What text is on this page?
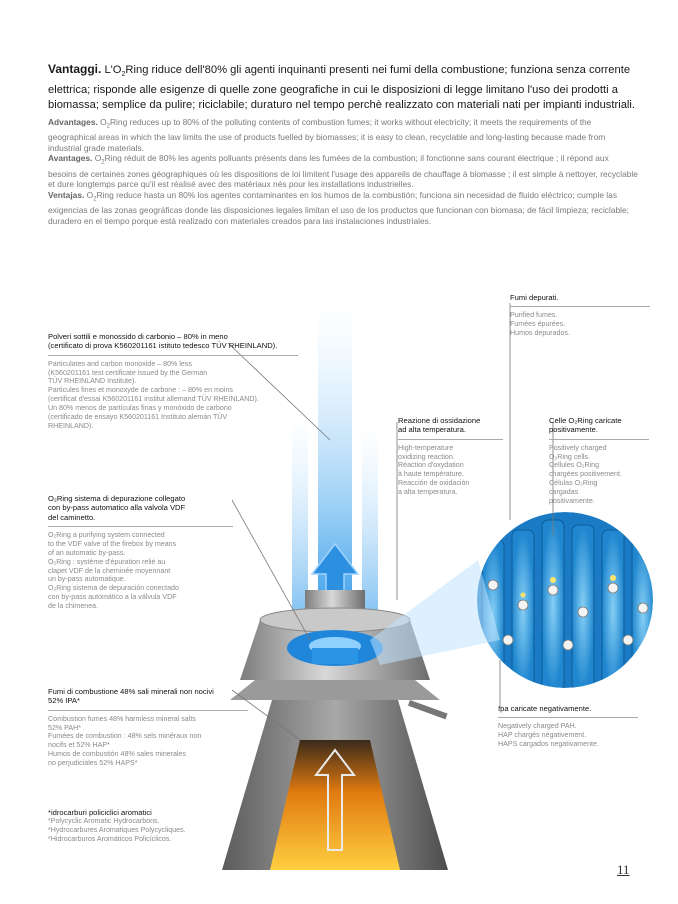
Vantaggi. $L'O_2Ring$ riduce dell'80% gli agenti inquinanti presenti nei fumi della combustione; funziona senza corrente elettrica; risponde alle esigenze di quelle zone geografiche in cui le disposizioni di legge limitano l'uso dei prodotti a biomassa; semplice da pulire; riciclabile; duraturo nel tempo perchè realizzato con materiali nati per impianti industriali.

Advantages. $O_2Ring$ reduces up to 80% of the polluting contents of combustion fumes; it works without electricity; it meets the requirements of the geographical areas in which the law limits the use of products fuelled by biomasses; it is easy to clean, recyclable and long-lasting because made from industrial grade materials.

Avantages. $O_2Ring$ réduit de 80% les agents polluants présents dans les fumées de la combustion; il fonctionne sans courant électrique ; il répond aux besoins de certaines zones géographiques où les dispositions de loi limitent l'usage des appareils de chauffage à biomasse ; il est simple à nettoyer, recyclable et dure longtemps parce qu'il est réalisé avec des matériaux nés pour les installations industrielles.

Ventajas. $O_2Ring$ reduce hasta un 80% los agentes contaminantes en los humos de la combustión; funciona sin necesidad de fluido eléctrico; cumple las exigencias de las zonas geográficas donde las disposiciones legales limitan el uso de los productos que funcionan con biomasa; de fácil limpieza; reciclable; duradero en el tiempo porque está realizado con materiales creados para las instalaciones industriales.

Fumi depurati.

Purified fumes.

Fumées épurées.

Humos depurados.

Polveri sottili e monossido di carbonio – 80% in meno

(certificato di prova K560201161 istituto tedesco TÜV RHEINLAND).

Particulates and carbon monoxide – 80% less

(K560201161 test certificate issued by the German

TÜV RHEINLAND Institute).

Particules fines et monoxyde de carbone : – 80% en moins

(certificat d'essai K560201161 institut allemand TÜV RHEINLAND).

Un 80% menos de partículas finas y monóxido de carbono

(certificado de ensayo K560201161 Instituto alemán TÜV

RHEINLAND).

Reazione di ossidazione

ad alta temperatura.

High-temperature

oxidizing reaction.

Réaction d'oxydation

à haute température.

Reacción de oxidación

a alta temperatura.

Celle O₂Ring caricate

positivamente.

Positively charged

O₂Ring cells.

Cellules O₂Ring

chargées positivement.

Células O₂Ring

cargadas

positivamente.

O₂Ring sistema di depurazione collegato

con by-pass automatico alla valvola VDF

del caminetto.

O₂Ring a purifying system connected

to the VDF valve of the firebox by means

of an automatic by-pass.

O₂Ring : système d'épuration relié au

clapet VDF de la cheminée moyennant

un by-pass automatique.

O₂Ring sistema de depuración conectado

con by-pass automático a la válvula VDF

de la chimenea.

Fumi di combustione 48% sali minerali non nocivi

52% IPA*

Combustion fumes 48% harmless mineral salts

52% PAH*

Fumées de combustion : 48% sels minéraux non

nocifs et 52% HAP*

Humos de combustión 48% sales minerales

no perjudiciales 52% HAPS*

Ipa caricate negativamente.

Negatively charged PAH.

HAP chargés négativement.

HAPS cargados negativamente.

*idrocarburi policiclici aromatici

*Polycyclic Aromatic Hydrocarbons.

*Hydrocarbures Aromatiques Polycycliques.

*Hidrocarburos Aromáticos Policíclicos.

11
